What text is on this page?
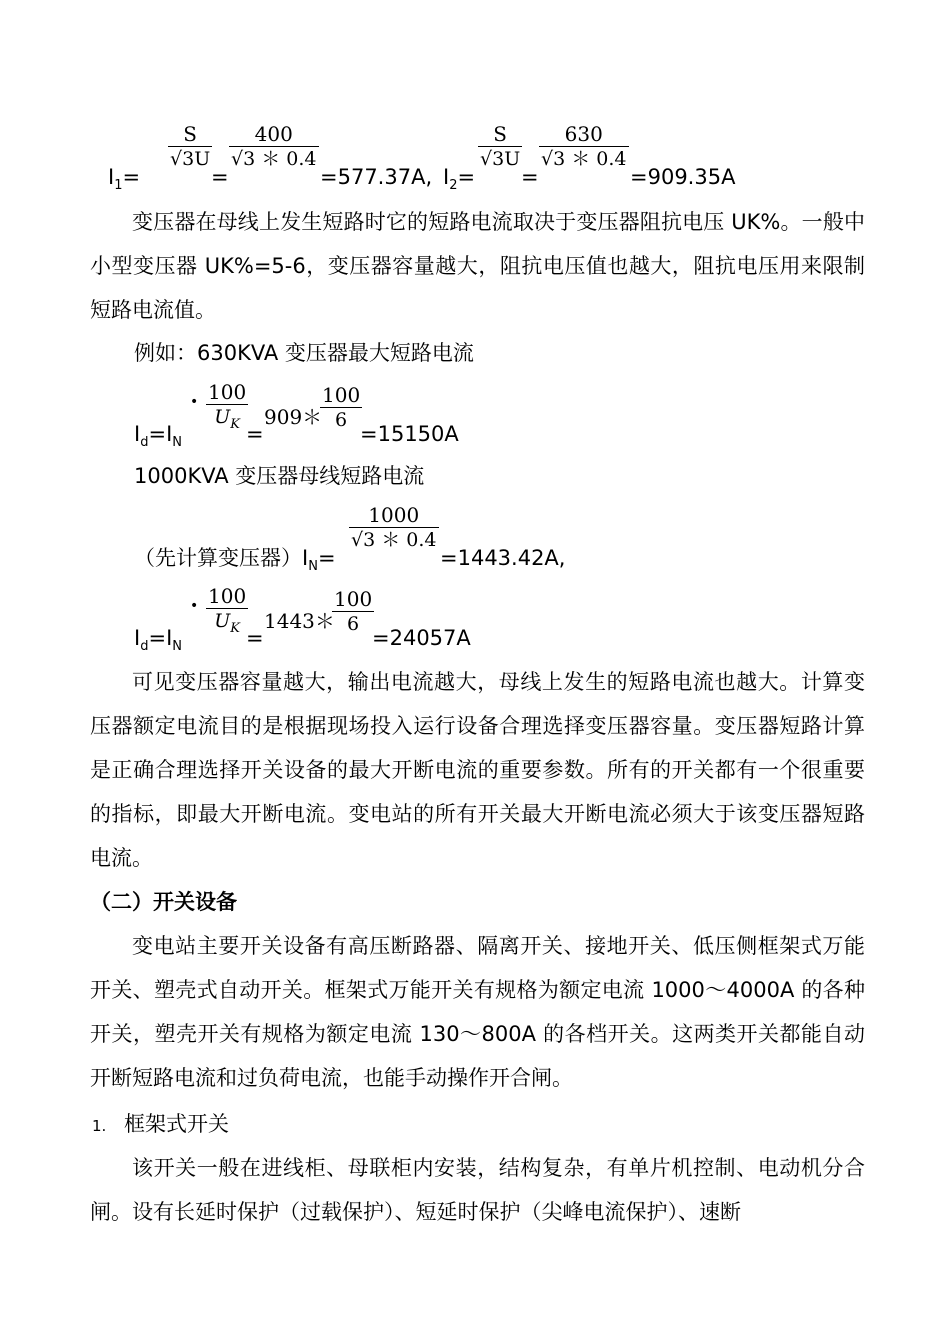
$I_1=$
$\frac{S}{√3U}$
=
$\frac{400}{√3 * 0.4}$
=577.37A, $I_2=$
$\frac{S}{√3U}$
=
$\frac{630}{√3 * 0.4}$
=909.35A

变压器在母线上发生短路时它的短路电流取决于变压器阻抗电压 UK%。一般中小型变压器 UK%=5-6，变压器容量越大，阻抗电压值也越大，阻抗电压用来限制短路电流值。

例如：630KVA 变压器最大短路电流
$I_d=I_N$
• $\frac{100}{U_K}$
=
909＊
$\frac{100}{6}$
=15150A
1000KVA 变压器母线短路电流
（先计算变压器）$I_N=$
$\frac{1000}{√3 * 0.4}$
=1443.42A,
$I_d=I_N$
• $\frac{100}{U_K}$
=
1443＊
$\frac{100}{6}$
=24057A

可见变压器容量越大，输出电流越大，母线上发生的短路电流也越大。计算变压器额定电流目的是根据现场投入运行设备合理选择变压器容量。变压器短路计算是正确合理选择开关设备的最大开断电流的重要参数。所有的开关都有一个很重要的指标，即最大开断电流。变电站的所有开关最大开断电流必须大于该变压器短路电流。

（二）开关设备

变电站主要开关设备有高压断路器、隔离开关、接地开关、低压侧框架式万能开关、塑壳式自动开关。框架式万能开关有规格为额定电流 1000～4000A 的各种开关，塑壳开关有规格为额定电流 130～800A 的各档开关。这两类开关都能自动开断短路电流和过负荷电流，也能手动操作开合闸。

1. 框架式开关

该开关一般在进线柜、母联柜内安装，结构复杂，有单片机控制、电动机分合闸。设有长延时保护（过载保护）、短延时保护（尖峰电流保护）、速断
